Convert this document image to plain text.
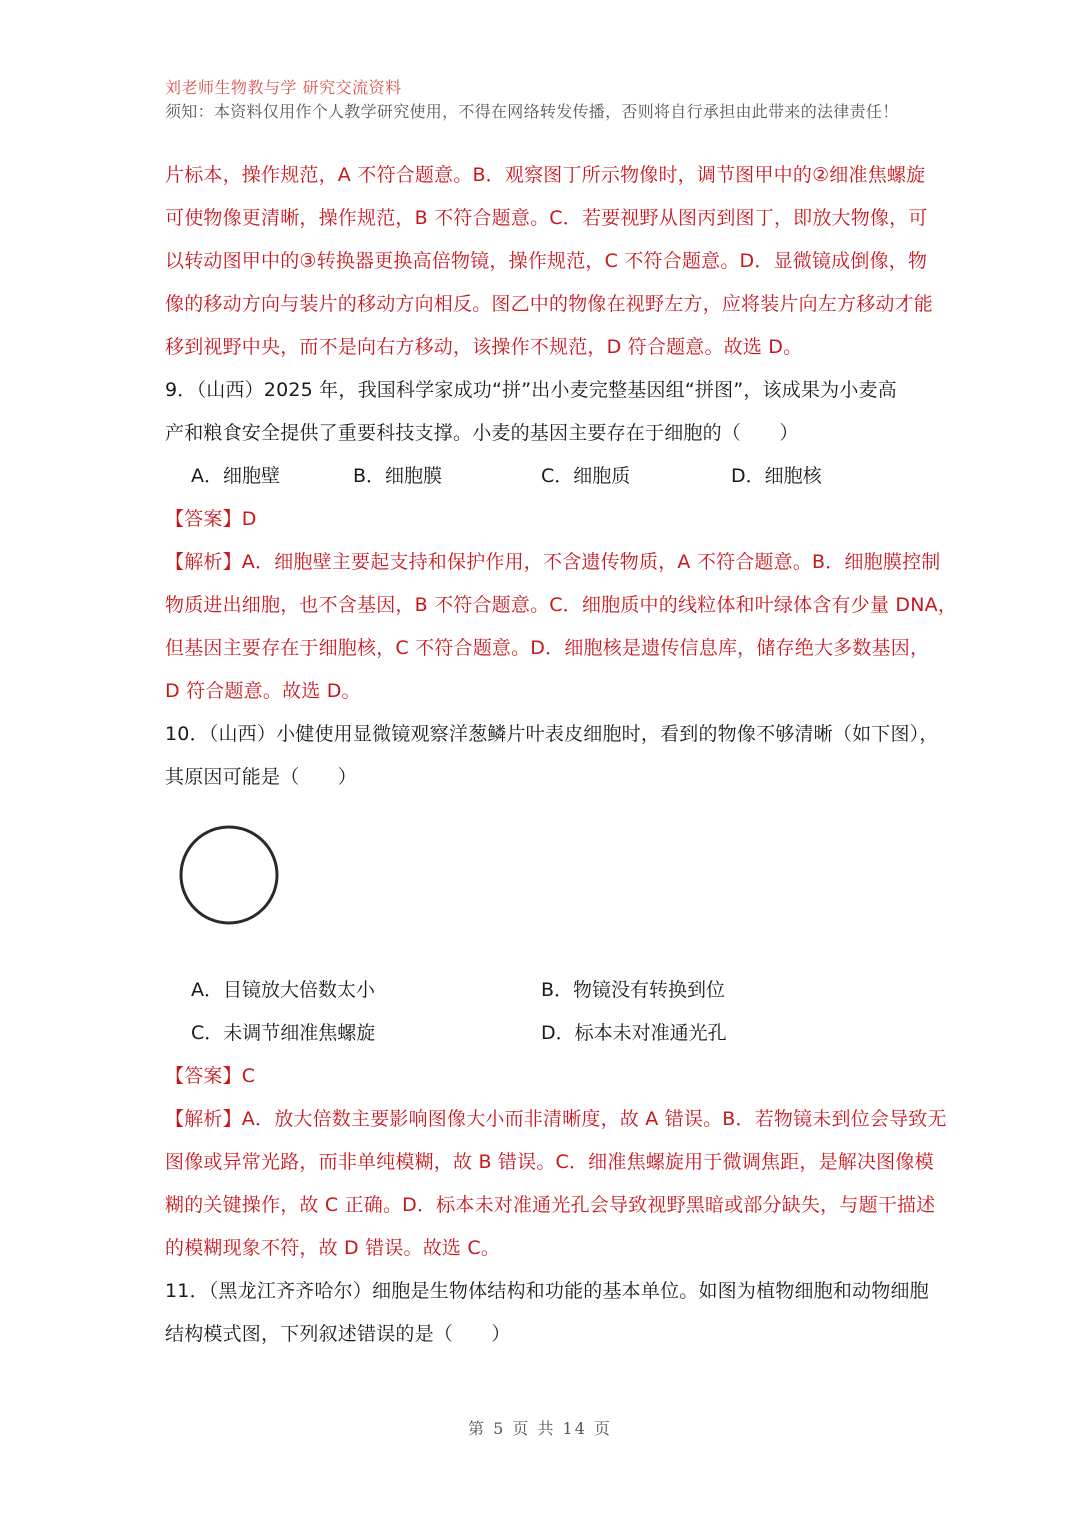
刘老师生物教与学 研究交流资料
须知：本资料仅用作个人教学研究使用，不得在网络转发传播，否则将自行承担由此带来的法律责任！
片标本，操作规范，A 不符合题意。B．观察图丁所示物像时，调节图甲中的②细准焦螺旋
可使物像更清晰，操作规范，B 不符合题意。C．若要视野从图丙到图丁，即放大物像，可
以转动图甲中的③转换器更换高倍物镜，操作规范，C 不符合题意。D．显微镜成倒像，物
像的移动方向与装片的移动方向相反。图乙中的物像在视野左方，应将装片向左方移动才能
移到视野中央，而不是向右方移动，该操作不规范，D 符合题意。故选 D。
9．（山西）2025 年，我国科学家成功“拼”出小麦完整基因组“拼图”，该成果为小麦高
产和粮食安全提供了重要科技支撑。小麦的基因主要存在于细胞的（　　）
A．细胞壁	B．细胞膜	C．细胞质	D．细胞核
【答案】D
【解析】A．细胞壁主要起支持和保护作用，不含遗传物质，A 不符合题意。B．细胞膜控制
物质进出细胞，也不含基因，B 不符合题意。C．细胞质中的线粒体和叶绿体含有少量 DNA，
但基因主要存在于细胞核，C 不符合题意。D．细胞核是遗传信息库，储存绝大多数基因，
D 符合题意。故选 D。
10．（山西）小健使用显微镜观察洋葱鳞片叶表皮细胞时，看到的物像不够清晰（如下图），
其原因可能是（　　）
A．目镜放大倍数太小	B．物镜没有转换到位
C．未调节细准焦螺旋	D．标本未对准通光孔
【答案】C
【解析】A．放大倍数主要影响图像大小而非清晰度，故 A 错误。B．若物镜未到位会导致无
图像或异常光路，而非单纯模糊，故 B 错误。C．细准焦螺旋用于微调焦距，是解决图像模
糊的关键操作，故 C 正确。D．标本未对准通光孔会导致视野黑暗或部分缺失，与题干描述
的模糊现象不符，故 D 错误。故选 C。
11．（黑龙江齐齐哈尔）细胞是生物体结构和功能的基本单位。如图为植物细胞和动物细胞
结构模式图，下列叙述错误的是（　　）
第 5 页 共 14 页
